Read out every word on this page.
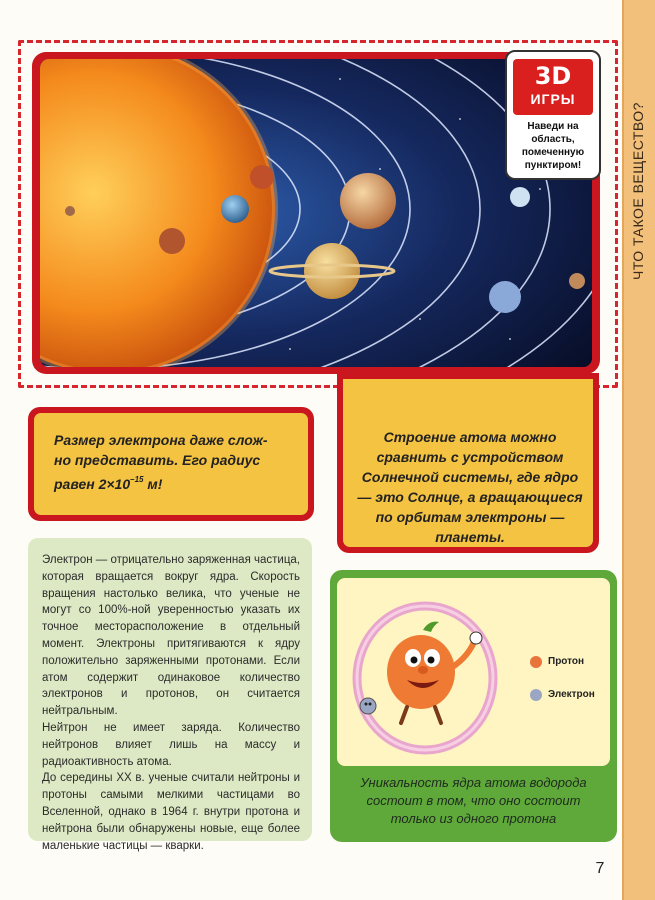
ЧТО ТАКОЕ ВЕЩЕСТВО?
3D
ИГРЫ
Наведи на область, помеченную пунктиром!
Размер электрона даже слож-
но представить. Его радиус
равен $2\times 10^{-15}$ м!
Строение атома можно сравнить с устройством Солнечной системы, где ядро — это Солнце, а вращающиеся по орбитам электроны — планеты.

Электрон — отрицательно заряженная частица, которая вращается вокруг ядра. Скорость вращения настолько велика, что ученые не могут со 100%-ной уверенностью указать их точное месторасположение в отдельный момент. Электроны притягиваются к ядру положительно заряженными протонами. Если атом содержит одинаковое количество электронов и протонов, он считается нейтральным.

Нейтрон не имеет заряда. Количество нейтронов влияет лишь на массу и радиоактивность атома.

До середины XX в. ученые считали нейтроны и протоны самыми мелкими частицами во Вселенной, однако в 1964 г. внутри протона и нейтрона были обнаружены новые, еще более маленькие частицы — кварки.

Протон
Электрон
Уникальность ядра атома водорода состоит в том, что оно состоит только из одного протона
7
